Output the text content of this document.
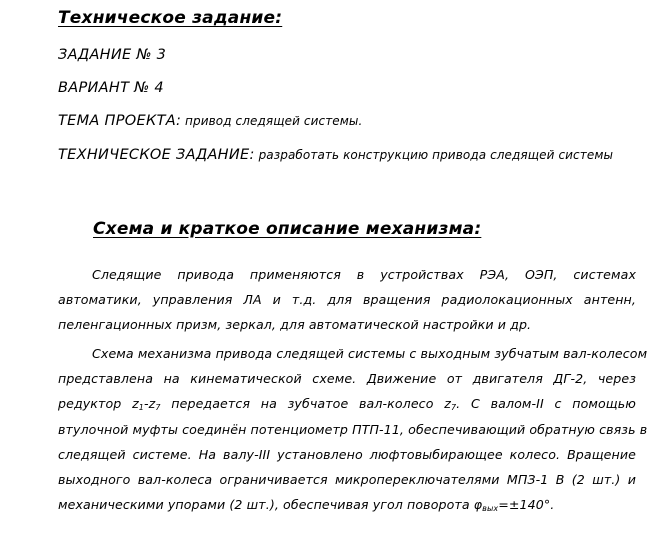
Техническое задание:
ЗАДАНИЕ № 3
ВАРИАНТ № 4
ТЕМА ПРОЕКТА: привод следящей системы.
ТЕХНИЧЕСКОЕ ЗАДАНИЕ: разработать конструкцию привода следящей системы
Схема и краткое описание механизма:
Следящие привода применяются в устройствах РЭА, ОЭП, системах
автоматики, управления ЛА и т.д. для вращения радиолокационных антенн,
пеленгационных призм, зеркал, для автоматической настройки и др.
Схема механизма привода следящей системы с выходным зубчатым вал-колесом
представлена на кинематической схеме. Движение от двигателя ДГ-2, через
редуктор $z_1-z_7$ передается на зубчатое вал-колесо $z_7$. С валом-II с помощью
втулочной муфты соединён потенциометр ПТП-11, обеспечивающий обратную связь в
следящей системе. На валу-III установлено люфтовыбирающее колесо. Вращение
выходного вал-колеса ограничивается микропереключателями МПЗ-1 В (2 шт.) и
механическими упорами (2 шт.), обеспечивая угол поворота $\varphi_{вых}=\pm 140^\circ$.
